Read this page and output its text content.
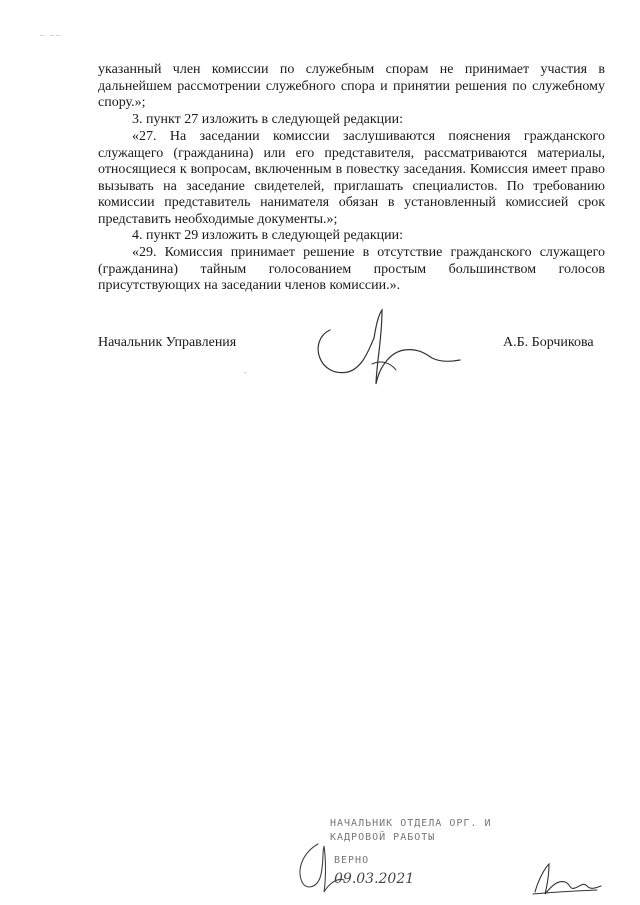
‒   ‒ ‒

указанный член комиссии по служебным спорам не принимает участия в
дальнейшем рассмотрении служебного спора и принятии решения по служебному
спору.»;

3. пункт 27 изложить в следующей редакции:

«27. На заседании комиссии заслушиваются пояснения гражданского
служащего (гражданина) или его представителя, рассматриваются материалы,
относящиеся к вопросам, включенным в повестку заседания. Комиссия имеет право
вызывать на заседание свидетелей, приглашать специалистов. По требованию
комиссии представитель нанимателя обязан в установленный комиссией срок
представить необходимые документы.»;

4. пункт 29 изложить в следующей редакции:

«29. Комиссия принимает решение в отсутствие гражданского служащего
(гражданина) тайным голосованием простым большинством голосов
присутствующих на заседании членов комиссии.».

Начальник Управления	А.Б. Борчикова
-
НАЧАЛЬНИК ОТДЕЛА ОРГ. И
КАДРОВОЙ РАБОТЫ
ВЕРНО
09.03.2021
